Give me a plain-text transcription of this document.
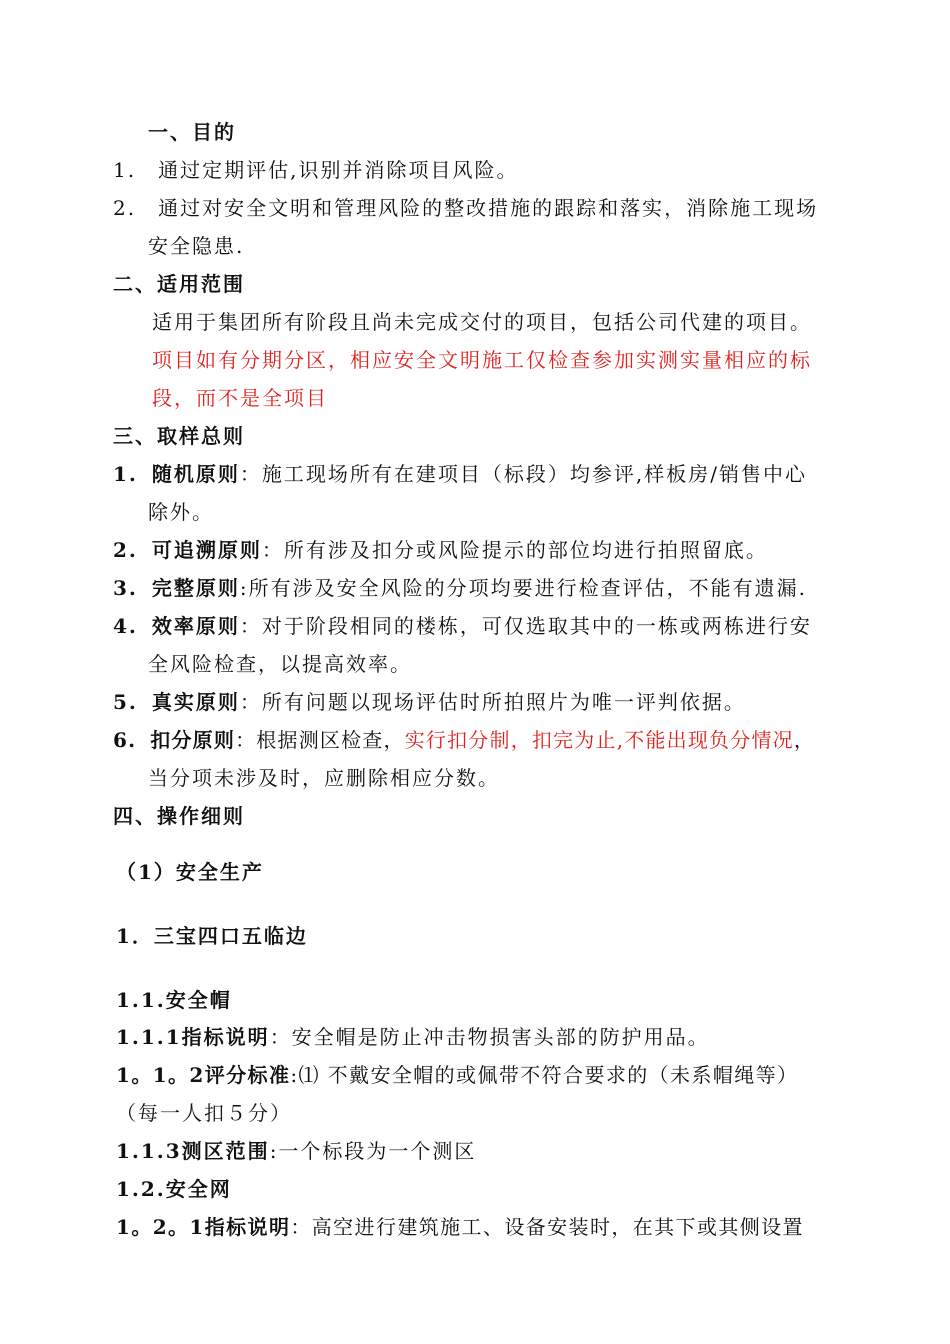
一、目的
1. 通过定期评估,识别并消除项目风险。
2. 通过对安全文明和管理风险的整改措施的跟踪和落实，消除施工现场
安全隐患.
二、适用范围
适用于集团所有阶段且尚未完成交付的项目，包括公司代建的项目。
项目如有分期分区，相应安全文明施工仅检查参加实测实量相应的标
段，而不是全项目
三、取样总则
1. 随机原则：施工现场所有在建项目（标段）均参评,样板房/销售中心
除外。
2. 可追溯原则：所有涉及扣分或风险提示的部位均进行拍照留底。
3. 完整原则:所有涉及安全风险的分项均要进行检查评估，不能有遗漏.
4. 效率原则：对于阶段相同的楼栋，可仅选取其中的一栋或两栋进行安
全风险检查，以提高效率。
5. 真实原则：所有问题以现场评估时所拍照片为唯一评判依据。
6. 扣分原则：根据测区检查，实行扣分制，扣完为止,不能出现负分情况，
当分项未涉及时，应删除相应分数。
四、操作细则
（1）安全生产
1．三宝四口五临边
1.1.安全帽
1.1.1指标说明：安全帽是防止冲击物损害头部的防护用品。
1。1。2评分标准:⑴ 不戴安全帽的或佩带不符合要求的（未系帽绳等）
（每一人扣５分）
1.1.3测区范围:一个标段为一个测区
1.2.安全网
1。2。1指标说明：高空进行建筑施工、设备安装时，在其下或其侧设置
